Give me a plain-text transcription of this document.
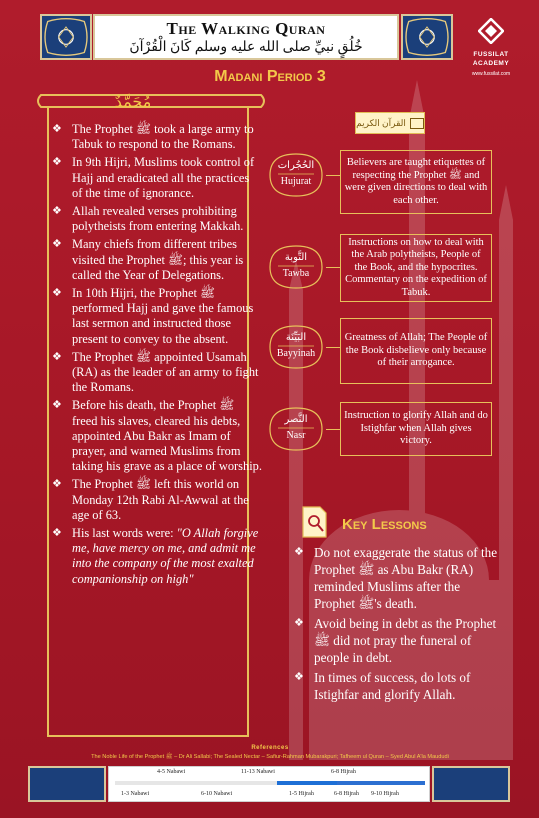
The Walking Quran
خُلُقٍ نبيِّ صلى الله عليه وسلم كَانَ الْقُرْآنَ	FUSSILAT
ACADEMY
www.fussilat.com
Madani Period 3
مُحَمَّدٌ
❖ The Prophet ﷺ took a large army to Tabuk to respond to the Romans.
❖ In 9th Hijri, Muslims took control of Hajj and eradicated all the practices of the time of ignorance.
❖ Allah revealed verses prohibiting polytheists from entering Makkah.
❖ Many chiefs from different tribes visited the Prophet ﷺ; this year is called the Year of Delegations.
❖ In 10th Hijri, the Prophet ﷺ performed Hajj and gave the famous last sermon and instructed those present to convey to the absent.
❖ The Prophet ﷺ appointed Usamah (RA) as the leader of an army to fight the Romans.
❖ Before his death, the Prophet ﷺ freed his slaves, cleared his debts, appointed Abu Bakr as Imam of prayer, and warned Muslims from taking his grave as a place of worship.
❖ The Prophet ﷺ left this world on Monday 12th Rabi Al-Awwal at the age of 63.
❖ His last words were: "O Allah forgive me, have mercy on me, and admit me into the company of the most exalted companionship on high"
القرآن الكريم
الحُجُرات
Hujurat
Believers are taught etiquettes of respecting the Prophet ﷺ and were given directions to deal with each other.
التَّوبة
Tawba
Instructions on how to deal with the Arab polytheists, People of the Book, and the hypocrites. Commentary on the expedition of Tabuk.
البَيِّنَة
Bayyinah
Greatness of Allah; The People of the Book disbelieve only because of their arrogance.
النَّصر
Nasr
Instruction to glorify Allah and do Istighfar when Allah gives victory.
Key Lessons
❖ Do not exaggerate the status of the Prophet ﷺ as Abu Bakr (RA) reminded Muslims after the Prophet ﷺ's death.
❖ Avoid being in debt as the Prophet ﷺ did not pray the funeral of people in debt.
❖ In times of success, do lots of Istighfar and glorify Allah.
References
The Noble Life of the Prophet ﷺ – Dr Ali Sallabi; The Sealed Nectar – Safiur-Rahman Mubarakpuri; Tafheem ul Quran – Syed Abul A'la Maududi
4-5 Nabawi	11-13 Nabawi	6-8 Hijrah
1-3 Nabawi	6-10 Nabawi	1-5 Hijrah	6-8 Hijrah 9-10 Hijrah
